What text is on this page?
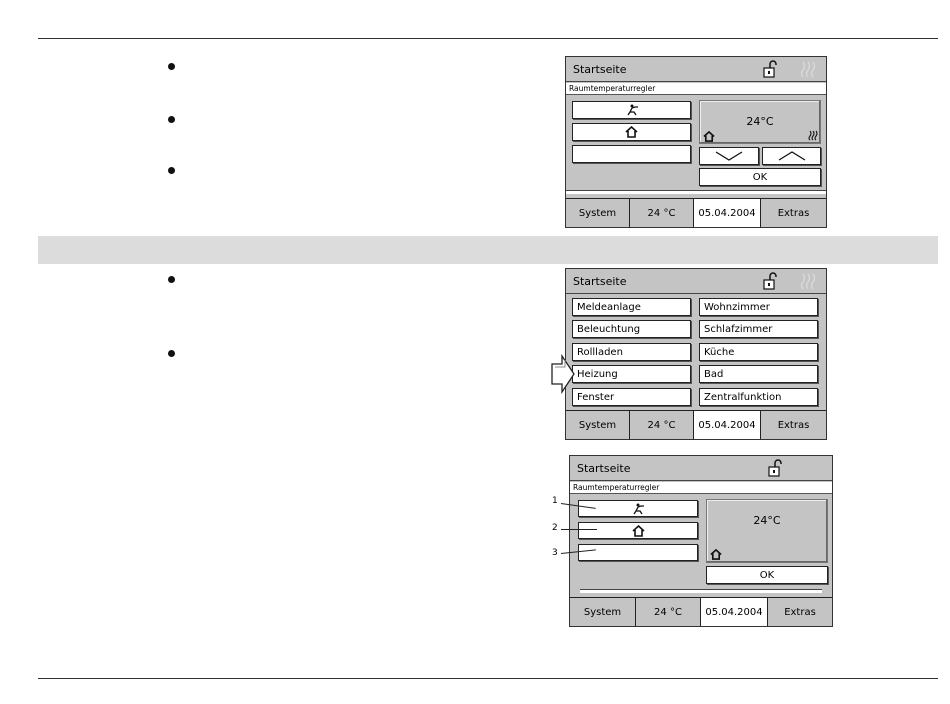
Startseite
Raumtemperaturregler
24°C
OK
System	24 °C	05.04.2004	Extras
Startseite
Meldeanlage	Wohnzimmer
Beleuchtung	Schlafzimmer
Rollladen	Küche
Heizung	Bad
Fenster	Zentralfunktion
System	24 °C	05.04.2004	Extras
Startseite
Raumtemperaturregler
24°C
OK
System	24 °C	05.04.2004	Extras
1
2
3
